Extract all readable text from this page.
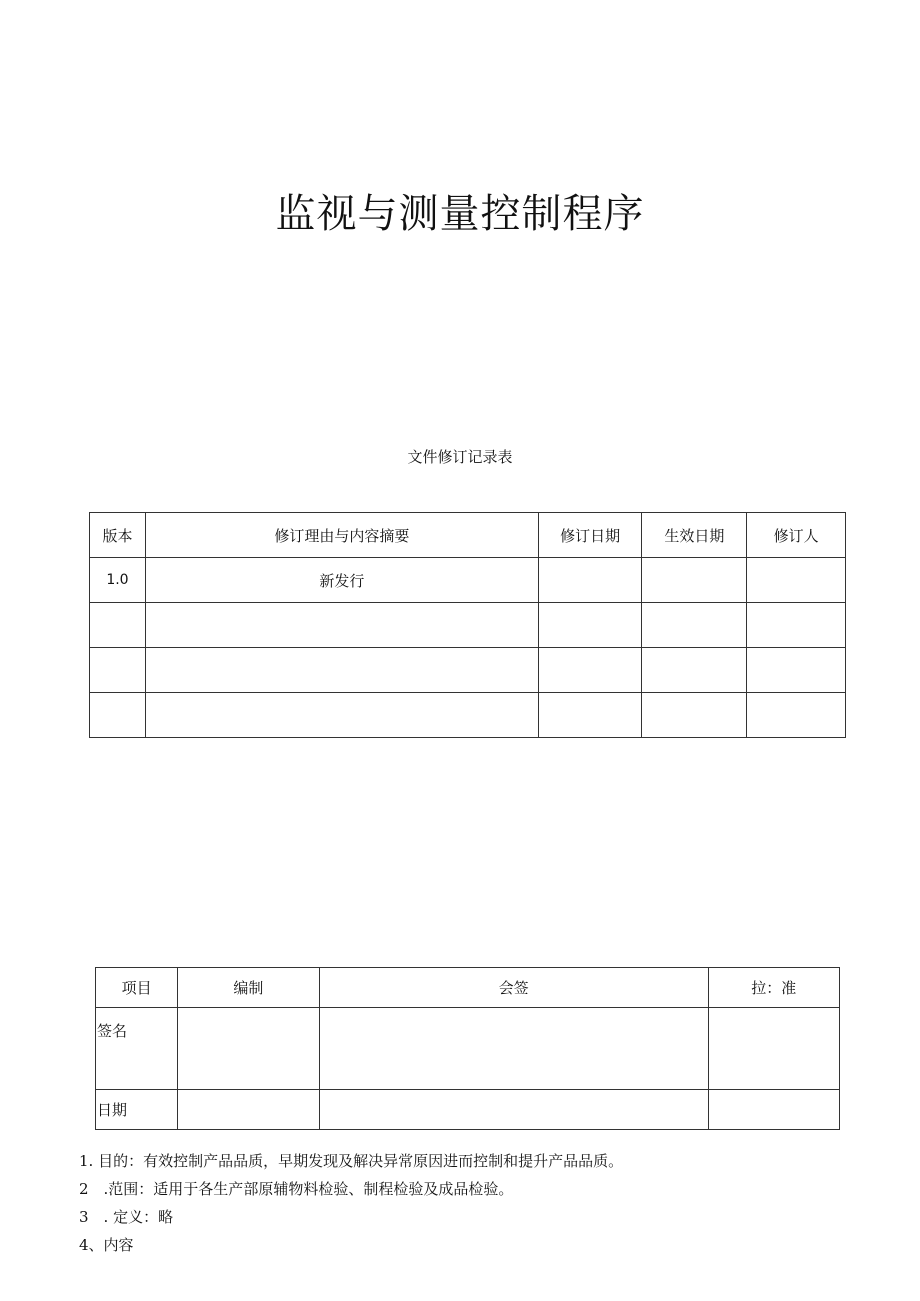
监视与测量控制程序
文件修订记录表
版本	修订理由与内容摘要	修订日期	生效日期	修订人
1.0	新发行			

项目	编制	会签	拉：准
签名			
日期			
1. 目的：有效控制产品品质，早期发现及解决异常原因进而控制和提升产品品质。
2　.范围：适用于各生产部原辅物料检验、制程检验及成品检验。
3　. 定义：略
4、内容
